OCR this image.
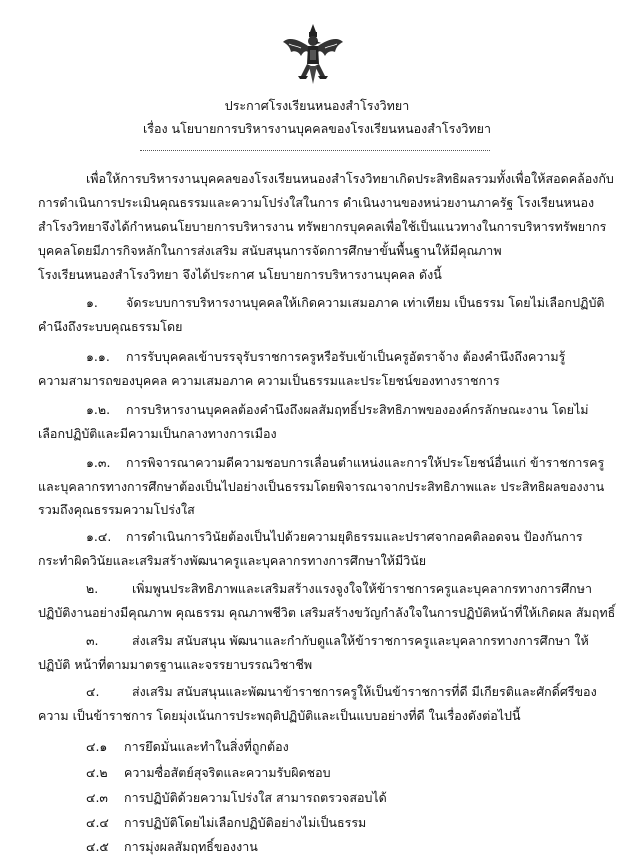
ประกาศโรงเรียนหนองสำโรงวิทยา
เรื่อง นโยบายการบริหารงานบุคคลของโรงเรียนหนองสำโรงวิทยา
เพื่อให้การบริหารงานบุคคลของโรงเรียนหนองสำโรงวิทยาเกิดประสิทธิผลรวมทั้งเพื่อให้สอดคล้องกับ
การดำเนินการประเมินคุณธรรมและความโปร่งใสในการ ดำเนินงานของหน่วยงานภาครัฐ โรงเรียนหนอง
สำโรงวิทยาจึงได้กำหนดนโยบายการบริหารงาน ทรัพยากรบุคคลเพื่อใช้เป็นแนวทางในการบริหารทรัพยากร
บุคคลโดยมีภารกิจหลักในการส่งเสริม สนับสนุนการจัดการศึกษาขั้นพื้นฐานให้มีคุณภาพ
โรงเรียนหนองสำโรงวิทยา จึงได้ประกาศ นโยบายการบริหารงานบุคคล ดังนี้
๑. จัดระบบการบริหารงานบุคคลให้เกิดความเสมอภาค เท่าเทียม เป็นธรรม โดยไม่เลือกปฏิบัติ
คำนึงถึงระบบคุณธรรมโดย
๑.๑. การรับบุคคลเข้าบรรจุรับราชการครูหรือรับเข้าเป็นครูอัตราจ้าง ต้องคำนึงถึงความรู้
ความสามารถของบุคคล ความเสมอภาค ความเป็นธรรมและประโยชน์ของทางราชการ
๑.๒. การบริหารงานบุคคลต้องคำนึงถึงผลสัมฤทธิ์ประสิทธิภาพขององค์กรลักษณะงาน โดยไม่
เลือกปฏิบัติและมีความเป็นกลางทางการเมือง
๑.๓. การพิจารณาความดีความชอบการเลื่อนตำแหน่งและการให้ประโยชน์อื่นแก่ ข้าราชการครู
และบุคลากรทางการศึกษาต้องเป็นไปอย่างเป็นธรรมโดยพิจารณาจากประสิทธิภาพและ ประสิทธิผลของงาน
รวมถึงคุณธรรมความโปร่งใส
๑.๔. การดำเนินการวินัยต้องเป็นไปด้วยความยุติธรรมและปราศจากอคติลอดจน ป้องกันการ
กระทำผิดวินัยและเสริมสร้างพัฒนาครูและบุคลากรทางการศึกษาให้มีวินัย
๒.	เพิ่มพูนประสิทธิภาพและเสริมสร้างแรงจูงใจให้ข้าราชการครูและบุคลากรทางการศึกษา
ปฏิบัติงานอย่างมีคุณภาพ คุณธรรม คุณภาพชีวิต เสริมสร้างขวัญกำลังใจในการปฏิบัติหน้าที่ให้เกิดผล สัมฤทธิ์
๓.	ส่งเสริม สนับสนุน พัฒนาและกำกับดูแลให้ข้าราชการครูและบุคลากรทางการศึกษา ให้
ปฏิบัติ หน้าที่ตามมาตรฐานและจรรยาบรรณวิชาชีพ
๔.	ส่งเสริม สนับสนุนและพัฒนาข้าราชการครูให้เป็นข้าราชการที่ดี มีเกียรติและศักดิ์ศรีของ
ความ เป็นข้าราชการ โดยมุ่งเน้นการประพฤติปฏิบัติและเป็นแบบอย่างที่ดี ในเรื่องดังต่อไปนี้
๔.๑ การยึดมั่นและทำในสิ่งที่ถูกต้อง
๔.๒ ความซื่อสัตย์สุจริตและความรับผิดชอบ
๔.๓ การปฏิบัติด้วยความโปร่งใส สามารถตรวจสอบได้
๔.๔ การปฏิบัติโดยไม่เลือกปฏิบัติอย่างไม่เป็นธรรม
๔.๕ การมุ่งผลสัมฤทธิ์ของงาน
